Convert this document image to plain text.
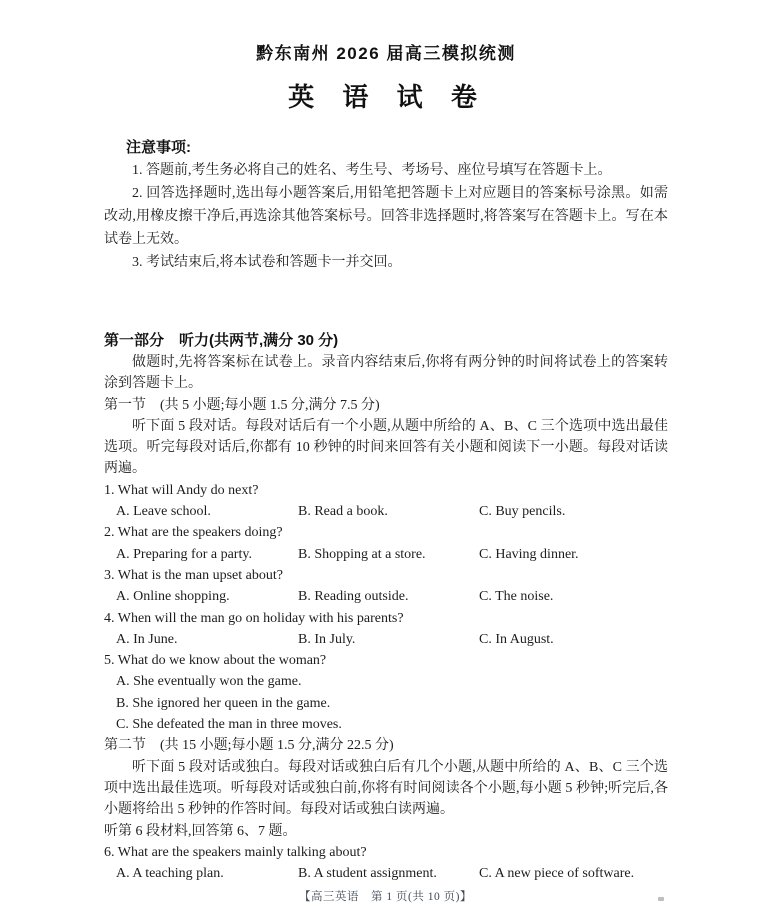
黔东南州 2026 届高三模拟统测
英 语 试 卷
注意事项:

1. 答题前,考生务必将自己的姓名、考生号、考场号、座位号填写在答题卡上。

2. 回答选择题时,选出每小题答案后,用铅笔把答题卡上对应题目的答案标号涂黑。如需改动,用橡皮擦干净后,再选涂其他答案标号。回答非选择题时,将答案写在答题卡上。写在本试卷上无效。

3. 考试结束后,将本试卷和答题卡一并交回。

第一部分　听力(共两节,满分 30 分)

做题时,先将答案标在试卷上。录音内容结束后,你将有两分钟的时间将试卷上的答案转涂到答题卡上。

第一节　(共 5 小题;每小题 1.5 分,满分 7.5 分)

听下面 5 段对话。每段对话后有一个小题,从题中所给的 A、B、C 三个选项中选出最佳选项。听完每段对话后,你都有 10 秒钟的时间来回答有关小题和阅读下一小题。每段对话读两遍。

1. What will Andy do next?

A. Leave school.	B. Read a book.	C. Buy pencils.

2. What are the speakers doing?

A. Preparing for a party.	B. Shopping at a store.	C. Having dinner.

3. What is the man upset about?

A. Online shopping.	B. Reading outside.	C. The noise.

4. When will the man go on holiday with his parents?

A. In June.	B. In July.	C. In August.

5. What do we know about the woman?

A. She eventually won the game.
B. She ignored her queen in the game.
C. She defeated the man in three moves.

第二节　(共 15 小题;每小题 1.5 分,满分 22.5 分)

听下面 5 段对话或独白。每段对话或独白后有几个小题,从题中所给的 A、B、C 三个选项中选出最佳选项。听每段对话或独白前,你将有时间阅读各个小题,每小题 5 秒钟;听完后,各小题将给出 5 秒钟的作答时间。每段对话或独白读两遍。

听第 6 段材料,回答第 6、7 题。

6. What are the speakers mainly talking about?

A. A teaching plan.	B. A student assignment.	C. A new piece of software.
【高三英语　第 1 页(共 10 页)】
